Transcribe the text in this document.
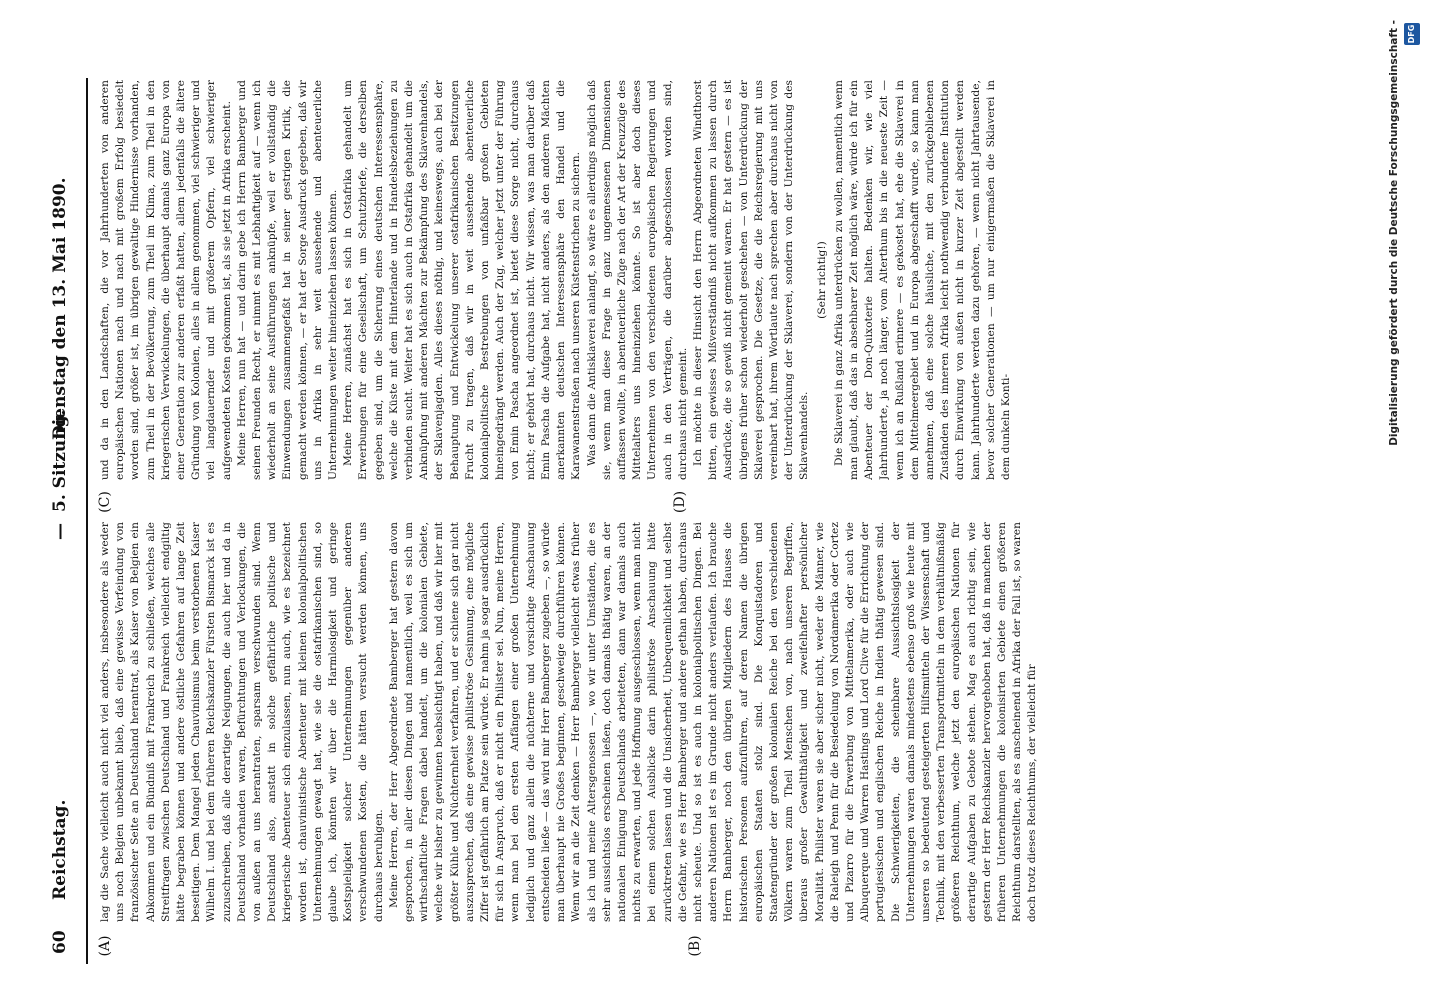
60
Reichstag.
—
5. Sitzung.
Dienstag den 13. Mai 1890.
(A)	(B)

lag die Sache vielleicht auch nicht viel anders, insbesondere als weder uns noch Belgien unbekannt blieb, daß eine gewisse Verfeindung von französischer Seite an Deutschland herantrat, als Kaiser von Belgien ein Abkommen und ein Bündniß mit Frankreich zu schließen, welches alle Streitfragen zwischen Deutschland und Frankreich vielleicht endgiltig hätte begraben können und andere östliche Gefahren auf lange Zeit beseitigen. Dem Mangel jeden Chauvinismus beim verstorbenen Kaiser Wilhelm I. und bei dem früheren Reichskanzler Fürsten Bismarck ist es zuzuschreiben, daß alle derartige Neigungen, die auch hier und da in Deutschland vorhanden waren, Befürchtungen und Verlockungen, die von außen an uns herantraten, sparsam verschwunden sind. Wenn Deutschland also, anstatt in solche gefährliche politische und kriegerische Abenteuer sich einzulassen, nun auch, wie es bezeichnet worden ist, chauvinistische Abenteuer mit kleinen kolonialpolitischen Unternehmungen gewagt hat, wie sie die ostafrikanischen sind, so glaube ich, könnten wir über die Harmlosigkeit und geringe Kostspieligkeit solcher Unternehmungen gegenüber anderen verschwundenen Kosten, die hätten versucht werden können, uns durchaus beruhigen. Meine Herren, der Herr Abgeordnete Bamberger hat gestern davon gesprochen, in aller diesen Dingen und namentlich, weil es sich um wirthschaftliche Fragen dabei handelt, um die kolonialen Gebiete, welche wir bisher zu gewinnen beabsichtigt haben, und daß wir hier mit größter Kühle und Nüchternheit verfahren, und er schiene sich gar nicht auszusprechen, daß eine gewisse philiströse Gesinnung, eine mögliche Ziffer ist gefährlich am Platze sein würde. Er nahm ja sogar ausdrücklich für sich in Anspruch, daß er nicht ein Philister sei. Nun, meine Herren, wenn man bei den ersten Anfängen einer großen Unternehmung lediglich und ganz allein die nüchterne und vorsichtige Anschauung entscheiden ließe — das wird mir Herr Bamberger zugeben —, so würde man überhaupt nie Großes beginnen, geschweige durchführen können. Wenn wir an die Zeit denken — Herr Bamberger vielleicht etwas früher als ich und meine Altersgenossen —, wo wir unter Umständen, die es sehr aussichtslos erscheinen ließen, doch damals thätig waren, an der nationalen Einigung Deutschlands arbeiteten, dann war damals auch nichts zu erwarten, und jede Hoffnung ausgeschlossen, wenn man nicht bei einem solchen Ausblicke darin philiströse Anschauung hätte zurücktreten lassen und die Unsicherheit, Unbequemlichkeit und selbst die Gefahr, wie es Herr Bamberger und andere gethan haben, durchaus nicht scheute. Und so ist es auch in kolonialpolitischen Dingen. Bei anderen Nationen ist es im Grunde nicht anders verlaufen. Ich brauche Herrn Bamberger, noch den übrigen Mitgliedern des Hauses die historischen Personen aufzuführen, auf deren Namen die übrigen europäischen Staaten stolz sind. Die Konquistadoren und Staatengründer der großen kolonialen Reiche bei den verschiedenen Völkern waren zum Theil Menschen von, nach unseren Begriffen, überaus großer Gewaltthätigkeit und zweifelhafter persönlicher Moralität. Philister waren sie aber sicher nicht, weder die Männer, wie die Raleigh und Penn für die Besiedelung von Nordamerika oder Cortez und Pizarro für die Erwerbung von Mittelamerika, oder auch wie Albuquerque und Warren Hastings und Lord Clive für die Errichtung der portugiesischen und englischen Reiche in Indien thätig gewesen sind. Die Schwierigkeiten, die scheinbare Aussichtslosigkeit der Unternehmungen waren damals mindestens ebenso groß wie heute mit unseren so bedeutend gesteigerten Hilfsmitteln der Wissenschaft und Technik, mit den verbesserten Transportmitteln in dem verhältnißmäßig größeren Reichthum, welche jetzt den europäischen Nationen für derartige Aufgaben zu Gebote stehen. Mag es auch richtig sein, wie gestern der Herr Reichskanzler hervorgehoben hat, daß in manchen der früheren Unternehmungen die kolonisirten Gebiete einen größeren Reichthum darstellten, als es anscheinend in Afrika der Fall ist, so waren doch trotz dieses Reichthums, der vielleicht für

(C)	(D)

und da in den Landschaften, die vor Jahrhunderten von anderen europäischen Nationen nach und nach mit großem Erfolg besiedelt worden sind, größer ist, im übrigen gewaltige Hindernisse vorhanden, zum Theil in der Bevölkerung, zum Theil im Klima, zum Theil in den kriegerischen Verwickelungen, die überhaupt damals ganz Europa von einer Generation zur anderen erfaßt hatten, allem jedenfalls die ältere Gründung von Kolonien, alles in allem genommen, viel schwieriger und viel langdauernder und mit größerem Opfern, viel schwieriger aufgewendeten Kosten gekommen ist, als sie jetzt in Afrika erscheint. Meine Herren, nun hat — und darin gebe ich Herrn Bamberger und seinen Freunden Recht, er nimmt es mit Lebhaftigkeit auf — wenn ich wiederholt an seine Ausführungen anknüpfe, weil er vollständig die Einwendungen zusammengefaßt hat in seiner gestrigen Kritik, die gemacht werden können, — er hat der Sorge Ausdruck gegeben, daß wir uns in Afrika in sehr weit aussehende und abenteuerliche Unternehmungen weiter hineinziehen lassen können. Meine Herren, zunächst hat es sich in Ostafrika gehandelt um Erwerbungen für eine Gesellschaft, um Schutzbriefe, die derselben gegeben sind, um die Sicherung eines deutschen Interessensphäre, welche die Küste mit dem Hinterlande und in Handelsbeziehungen zu verbinden sucht. Weiter hat es sich auch in Ostafrika gehandelt um die Anknüpfung mit anderen Mächten zur Bekämpfung des Sklavenhandels, der Sklavenjagden. Alles dieses nöthig, und keineswegs, auch bei der Behauptung und Entwickelung unserer ostafrikanischen Besitzungen Frucht zu tragen, daß wir in weit aussehende abenteuerliche kolonialpolitische Bestrebungen von unfaßbar großen Gebieten hineingedrängt werden. Auch der Zug, welcher jetzt unter der Führung von Emin Pascha angeordnet ist, bietet diese Sorge nicht, durchaus nicht; er gehört hat, durchaus nicht. Wir wissen, was man darüber daß Emin Pascha die Aufgabe hat, nicht anders, als den anderen Mächten anerkannten deutschen Interessensphäre den Handel und die Karawanenstraßen nach unseren Küstenstrichen zu sichern. Was dann die Antisklaverei anlangt, so wäre es allerdings möglich daß sie, wenn man diese Frage in ganz ungemessenen Dimensionen auffassen wollte, in abenteuerliche Züge nach der Art der Kreuzzüge des Mittelalters uns hineinziehen könnte. So ist aber doch dieses Unternehmen von den verschiedenen europäischen Regierungen und auch in den Verträgen, die darüber abgeschlossen worden sind, durchaus nicht gemeint. Ich möchte in dieser Hinsicht den Herrn Abgeordneten Windthorst bitten, ein gewisses Mißverständniß nicht aufkommen zu lassen durch Ausdrücke, die so gewiß nicht gemeint waren. Er hat gestern — es ist übrigens früher schon wiederholt geschehen — von Unterdrückung der Sklaverei gesprochen. Die Gesetze, die die Reichsregierung mit uns vereinbart hat, ihrem Wortlaute nach sprechen aber durchaus nicht von der Unterdrückung der Sklaverei, sondern von der Unterdrückung des Sklavenhandels.

(Sehr richtig!) Die Sklaverei in ganz Afrika unterdrücken zu wollen, namentlich wenn man glaubt, daß das in absehbarer Zeit möglich wäre, würde ich für ein Abenteuer der Don-Quixoterie halten. Bedenken wir, wie viel Jahrhunderte, ja noch länger, vom Alterthum bis in die neueste Zeit — wenn ich an Rußland erinnere — es gekostet hat, ehe die Sklaverei in dem Mittelmeergebiet und in Europa abgeschafft wurde, so kann man annehmen, daß eine solche häusliche, mit den zurückgebliebenen Zuständen des inneren Afrika leicht nothwendig verbundene Institution durch Einwirkung von außen nicht in kurzer Zeit abgestellt werden kann. Jahrhunderte werden dazu gehören, — wenn nicht Jahrtausende, bevor solcher Generationen — um nur einigermaßen die Sklaverei in dem dunkeln Konti-	Digitalisierung gefördert durch die Deutsche Forschungsgemeinschaft - DFG
